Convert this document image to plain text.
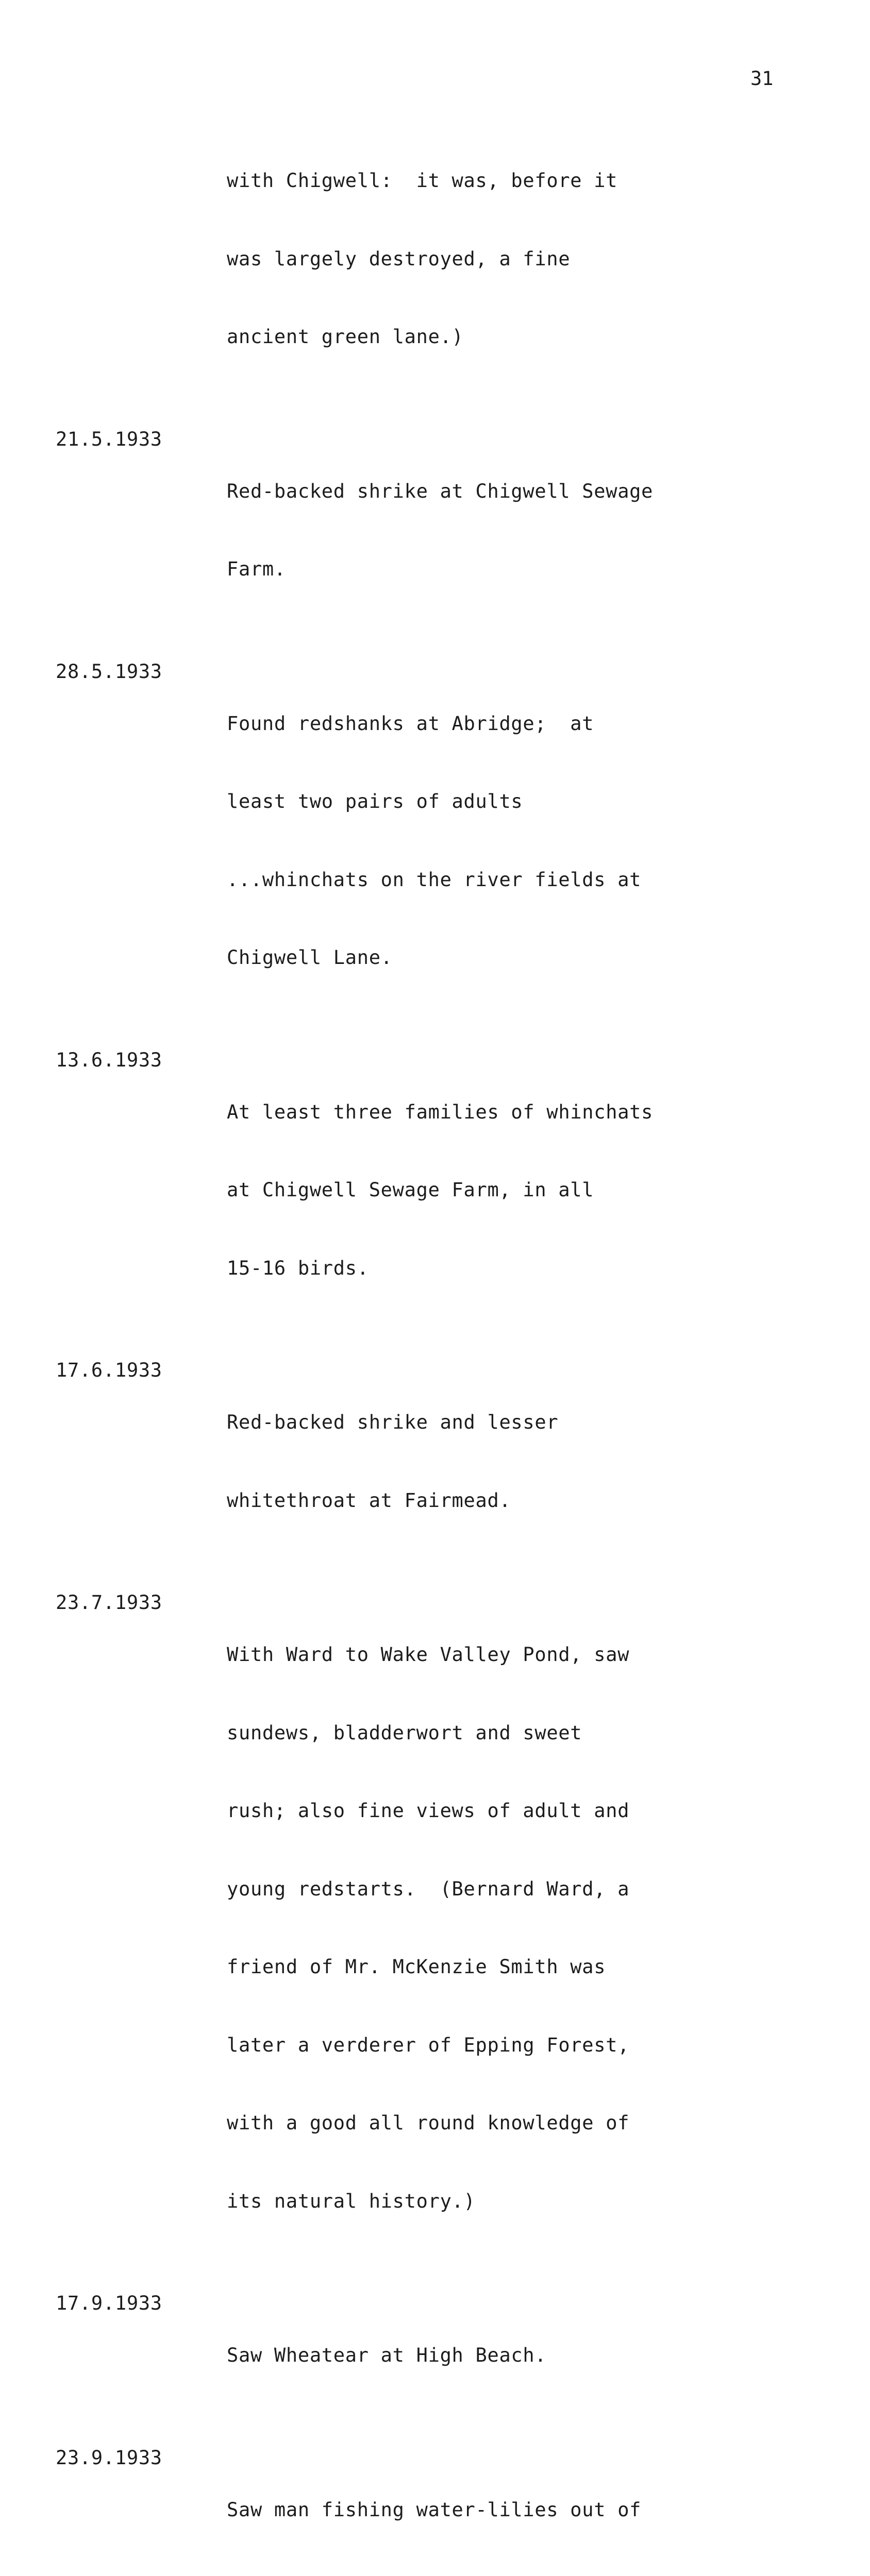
31

with Chigwell:  it was, before it

was largely destroyed, a fine

ancient green lane.)

21.5.1933

Red-backed shrike at Chigwell Sewage

Farm.

28.5.1933

Found redshanks at Abridge;  at

least two pairs of adults

...whinchats on the river fields at

Chigwell Lane.

13.6.1933

At least three families of whinchats

at Chigwell Sewage Farm, in all

15-16 birds.

17.6.1933

Red-backed shrike and lesser

whitethroat at Fairmead.

23.7.1933

With Ward to Wake Valley Pond, saw

sundews, bladderwort and sweet

rush; also fine views of adult and

young redstarts.  (Bernard Ward, a

friend of Mr. McKenzie Smith was

later a verderer of Epping Forest,

with a good all round knowledge of

its natural history.)

17.9.1933

Saw Wheatear at High Beach.

23.9.1933

Saw man fishing water-lilies out of
